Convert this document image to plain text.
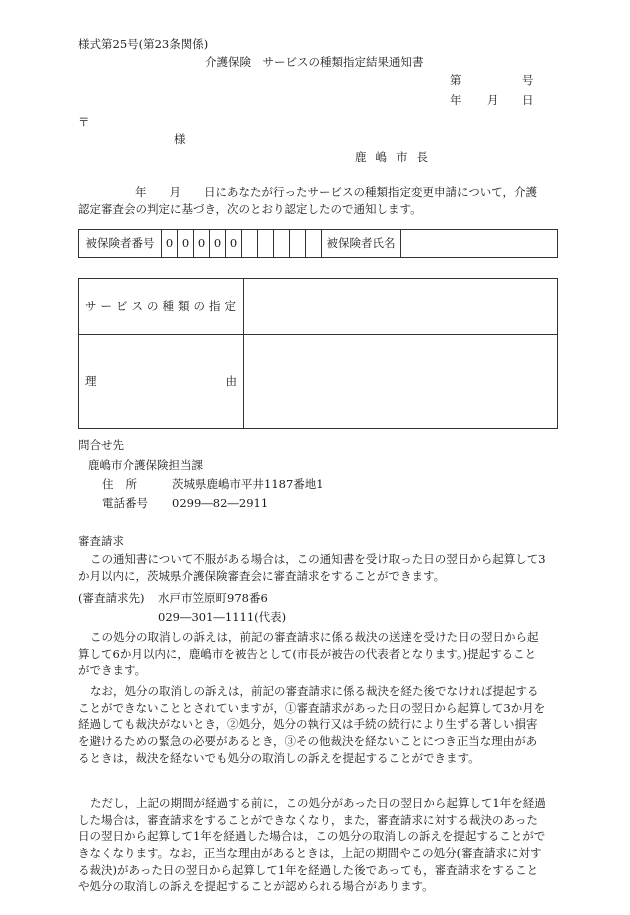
様式第25号(第23条関係)
介護保険　サービスの種類指定結果通知書
第	号
年 月 日
〒
様
鹿嶋市長
年　　月　　日にあなたが行ったサービスの種類指定変更申請について，介護
認定審査会の判定に基づき，次のとおり認定したので通知します。
被保険者番号	0	0	0	0	0						被保険者氏名	
サービスの種類の指定	

理 由	

問合せ先
鹿嶋市介護保険担当課
住所 茨城県鹿嶋市平井1187番地1
電話番号 0299―82―2911
審査請求
この通知書について不服がある場合は，この通知書を受け取った日の翌日から起算して3
か月以内に，茨城県介護保険審査会に審査請求をすることができます。
(審査請求先) 水戸市笠原町978番6
029―301―1111(代表)
この処分の取消しの訴えは，前記の審査請求に係る裁決の送達を受けた日の翌日から起
算して6か月以内に，鹿嶋市を被告として(市長が被告の代表者となります。)提起すること
ができます。
なお，処分の取消しの訴えは，前記の審査請求に係る裁決を経た後でなければ提起する
ことができないこととされていますが，①審査請求があった日の翌日から起算して3か月を
経過しても裁決がないとき，②処分，処分の執行又は手続の続行により生ずる著しい損害
を避けるための緊急の必要があるとき，③その他裁決を経ないことにつき正当な理由があ
るときは，裁決を経ないでも処分の取消しの訴えを提起することができます。
ただし，上記の期間が経過する前に，この処分があった日の翌日から起算して1年を経過
した場合は，審査請求をすることができなくなり，また，審査請求に対する裁決のあった
日の翌日から起算して1年を経過した場合は，この処分の取消しの訴えを提起することがで
きなくなります。なお，正当な理由があるときは，上記の期間やこの処分(審査請求に対す
る裁決)があった日の翌日から起算して1年を経過した後であっても，審査請求をすること
や処分の取消しの訴えを提起することが認められる場合があります。
